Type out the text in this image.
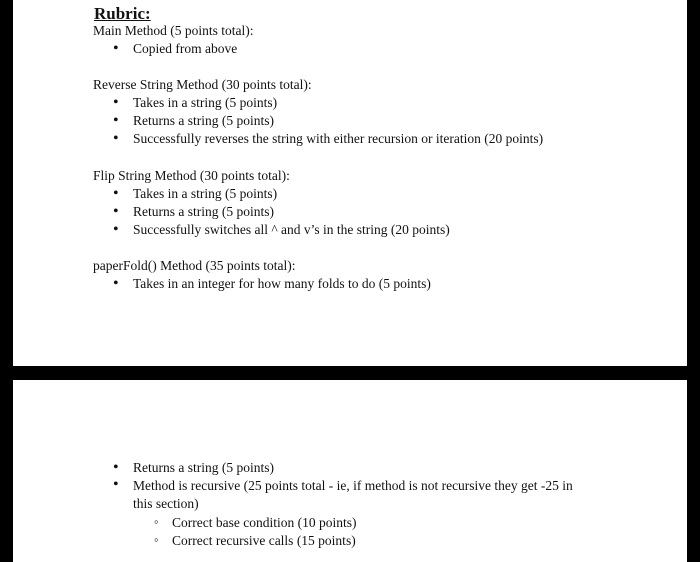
Rubric:
Main Method (5 points total):
Copied from above
Reverse String Method (30 points total):
Takes in a string (5 points)
Returns a string (5 points)
Successfully reverses the string with either recursion or iteration (20 points)
Flip String Method (30 points total):
Takes in a string (5 points)
Returns a string (5 points)
Successfully switches all ^ and v’s in the string (20 points)
paperFold() Method (35 points total):
Takes in an integer for how many folds to do (5 points)
Returns a string (5 points)
Method is recursive (25 points total - ie, if method is not recursive they get -25 in this section)
Correct base condition (10 points)
Correct recursive calls (15 points)
